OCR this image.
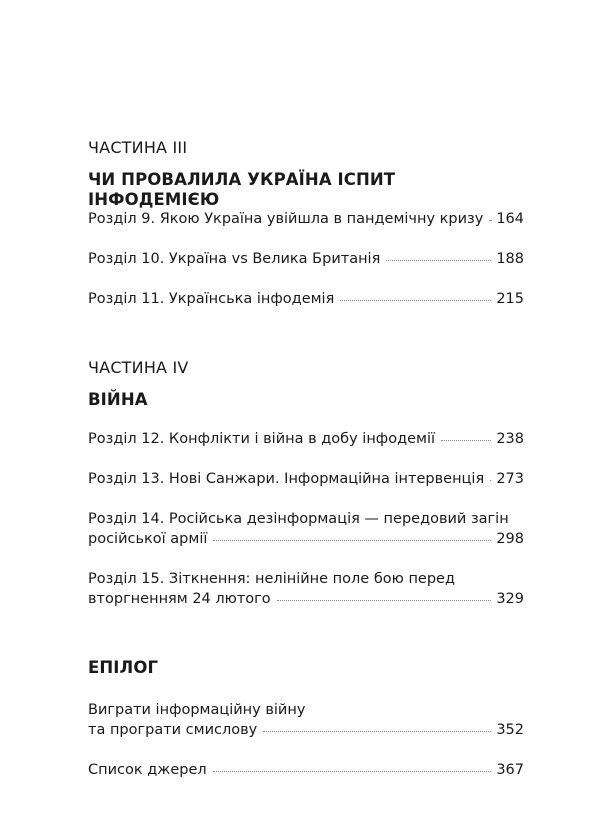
ЧАСТИНА III
ЧИ ПРОВАЛИЛА УКРАЇНА ІСПИТ ІНФОДЕМІЄЮ
Розділ 9. Якою Україна увійшла в пандемічну кризу 164
Розділ 10. Україна vs Велика Британія	188
Розділ 11. Українська інфодемія	215
ЧАСТИНА IV
ВІЙНА
Розділ 12. Конфлікти і війна в добу інфодемії	238
Розділ 13. Нові Санжари. Інформаційна інтервенція 273
Розділ 14. Російська дезінформація — передовий загін
російської армії	298
Розділ 15. Зіткнення: нелінійне поле бою перед
вторгненням 24 лютого	329
ЕПІЛОГ
Виграти інформаційну війну
та програти смислову	352
Список джерел	367
